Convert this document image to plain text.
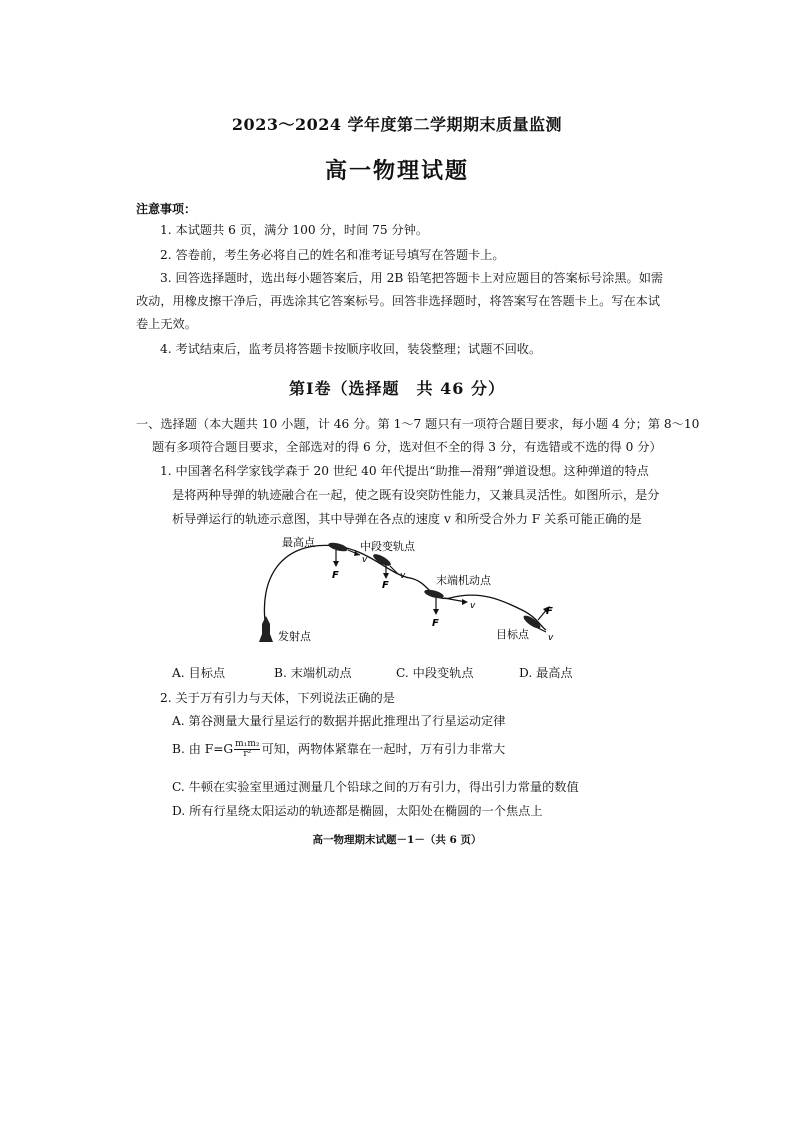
2023～2024 学年度第二学期期末质量监测
高一物理试题
注意事项：
1. 本试题共 6 页，满分 100 分，时间 75 分钟。
2. 答卷前，考生务必将自己的姓名和准考证号填写在答题卡上。
3. 回答选择题时，选出每小题答案后，用 2B 铅笔把答题卡上对应题目的答案标号涂黑。如需
改动，用橡皮擦干净后，再选涂其它答案标号。回答非选择题时，将答案写在答题卡上。写在本试
卷上无效。
4. 考试结束后，监考员将答题卡按顺序收回，装袋整理；试题不回收。
第Ⅰ卷（选择题　共 46 分）
一、选择题（本大题共 10 小题，计 46 分。第 1～7 题只有一项符合题目要求，每小题 4 分；第 8～10
题有多项符合题目要求，全部选对的得 6 分，选对但不全的得 3 分，有选错或不选的得 0 分）
1. 中国著名科学家钱学森于 20 世纪 40 年代提出“助推—滑翔”弹道设想。这种弹道的特点
是将两种导弹的轨迹融合在一起，使之既有设突防性能力，又兼具灵活性。如图所示，是分
析导弹运行的轨迹示意图，其中导弹在各点的速度 v 和所受合外力 F 关系可能正确的是
最高点	中段变轨点
末端机动点
目标点
发射点
F
v
F
v
F
v	F
v
A. 目标点	B. 末端机动点	C. 中段变轨点	D. 最高点
2. 关于万有引力与天体，下列说法正确的是
A. 第谷测量大量行星运行的数据并据此推理出了行星运动定律
B. 由 $F=G \frac{\text{m₁m₂}}{\text{r²}}$ 可知，两物体紧靠在一起时，万有引力非常大
C. 牛顿在实验室里通过测量几个铅球之间的万有引力，得出引力常量的数值
D. 所有行星绕太阳运动的轨迹都是椭圆，太阳处在椭圆的一个焦点上
高一物理期末试题－1－（共 6 页）
